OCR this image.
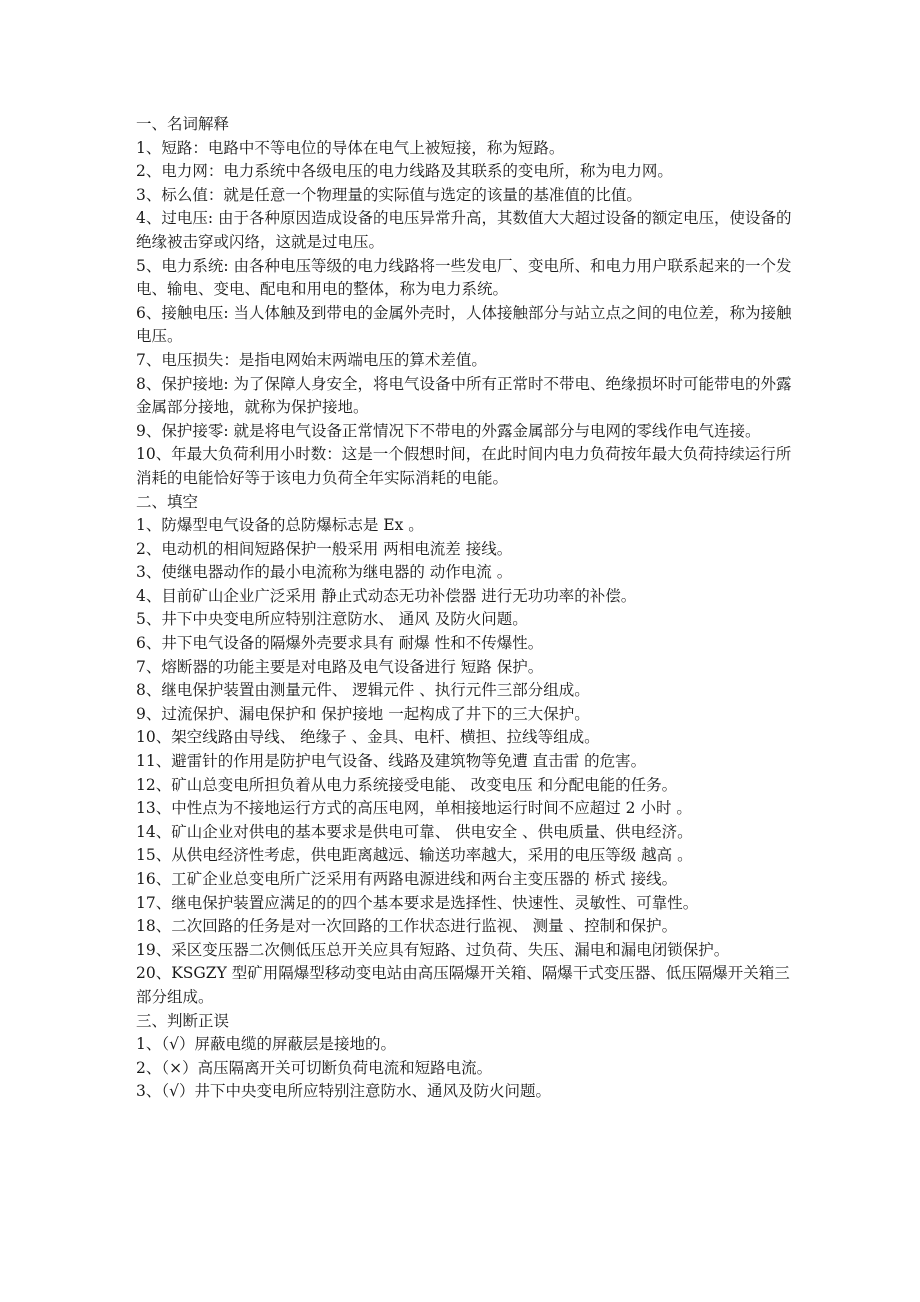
一、名词解释

1、短路：电路中不等电位的导体在电气上被短接，称为短路。

2、电力网：电力系统中各级电压的电力线路及其联系的变电所，称为电力网。

3、标么值：就是任意一个物理量的实际值与选定的该量的基准值的比值。

4、过电压: 由于各种原因造成设备的电压异常升高，其数值大大超过设备的额定电压，使设备的绝缘被击穿或闪络，这就是过电压。

5、电力系统: 由各种电压等级的电力线路将一些发电厂、变电所、和电力用户联系起来的一个发电、输电、变电、配电和用电的整体，称为电力系统。

6、接触电压: 当人体触及到带电的金属外壳时，人体接触部分与站立点之间的电位差，称为接触电压。

7、电压损失：是指电网始末两端电压的算术差值。

8、保护接地: 为了保障人身安全，将电气设备中所有正常时不带电、绝缘损坏时可能带电的外露金属部分接地，就称为保护接地。

9、保护接零: 就是将电气设备正常情况下不带电的外露金属部分与电网的零线作电气连接。

10、年最大负荷利用小时数：这是一个假想时间，在此时间内电力负荷按年最大负荷持续运行所消耗的电能恰好等于该电力负荷全年实际消耗的电能。

二、填空

1、防爆型电气设备的总防爆标志是 Ex 。

2、电动机的相间短路保护一般采用 两相电流差 接线。

3、使继电器动作的最小电流称为继电器的 动作电流 。

4、目前矿山企业广泛采用 静止式动态无功补偿器 进行无功功率的补偿。

5、井下中央变电所应特别注意防水、 通风 及防火问题。

6、井下电气设备的隔爆外壳要求具有 耐爆 性和不传爆性。

7、熔断器的功能主要是对电路及电气设备进行 短路 保护。

8、继电保护装置由测量元件、 逻辑元件 、执行元件三部分组成。

9、过流保护、漏电保护和 保护接地 一起构成了井下的三大保护。

10、架空线路由导线、 绝缘子 、金具、电杆、横担、拉线等组成。

11、避雷针的作用是防护电气设备、线路及建筑物等免遭 直击雷 的危害。

12、矿山总变电所担负着从电力系统接受电能、 改变电压 和分配电能的任务。

13、中性点为不接地运行方式的高压电网，单相接地运行时间不应超过 2 小时 。

14、矿山企业对供电的基本要求是供电可靠、 供电安全 、供电质量、供电经济。

15、从供电经济性考虑，供电距离越远、输送功率越大，采用的电压等级 越高 。

16、工矿企业总变电所广泛采用有两路电源进线和两台主变压器的 桥式 接线。

17、继电保护装置应满足的的四个基本要求是选择性、快速性、灵敏性、可靠性。

18、二次回路的任务是对一次回路的工作状态进行监视、 测量 、控制和保护。

19、采区变压器二次侧低压总开关应具有短路、过负荷、失压、漏电和漏电闭锁保护。

20、KSGZY 型矿用隔爆型移动变电站由高压隔爆开关箱、隔爆干式变压器、低压隔爆开关箱三部分组成。

三、判断正误

1、（√）屏蔽电缆的屏蔽层是接地的。

2、（×）高压隔离开关可切断负荷电流和短路电流。

3、（√）井下中央变电所应特别注意防水、通风及防火问题。
